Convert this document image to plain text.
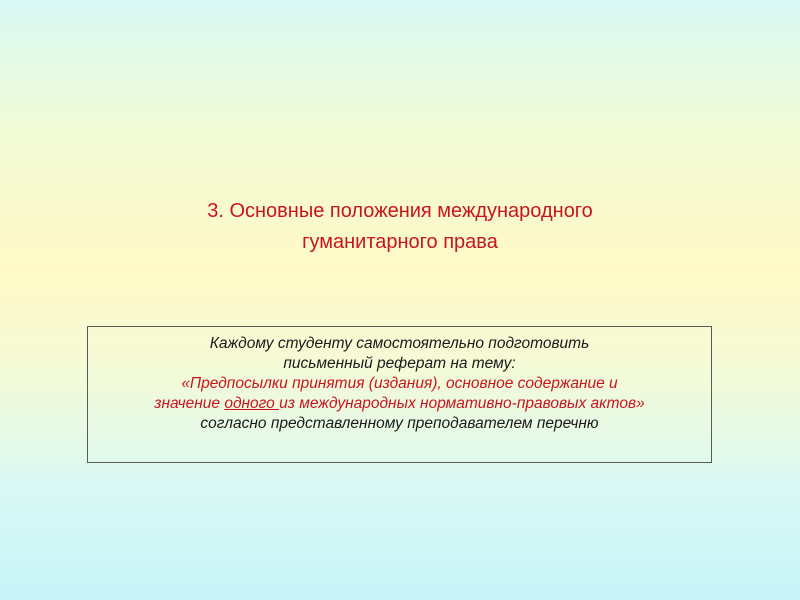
3. Основные положения международного
гуманитарного права
Каждому студенту самостоятельно подготовить
письменный реферат на тему:
«Предпосылки принятия (издания), основное содержание и
значение одного из международных нормативно-правовых актов»
согласно представленному преподавателем перечню
